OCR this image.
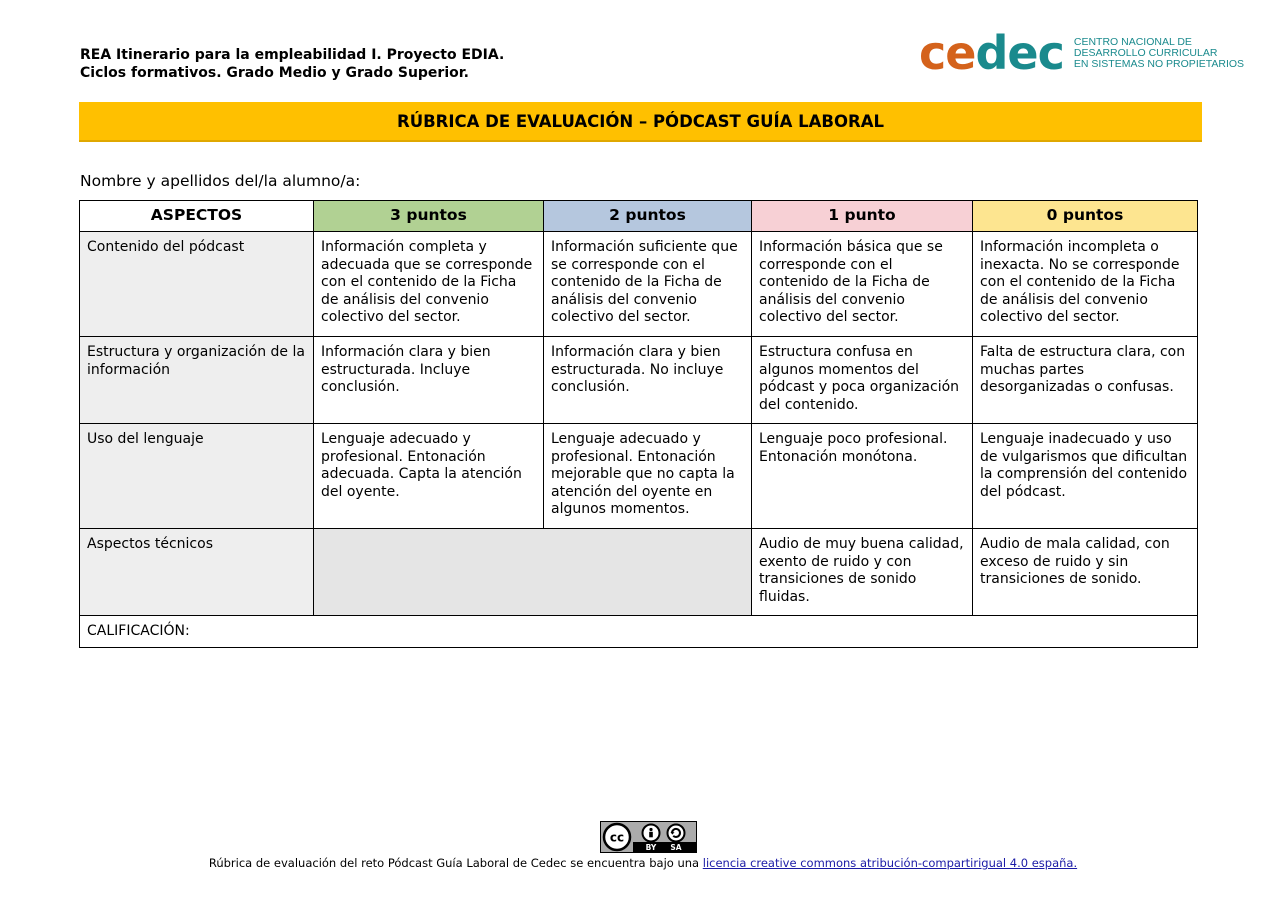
REA Itinerario para la empleabilidad I. Proyecto EDIA.
Ciclos formativos. Grado Medio y Grado Superior.	cedec CENTRO NACIONAL DE
DESARROLLO CURRICULAR
EN SISTEMAS NO PROPIETARIOS
RÚBRICA DE EVALUACIÓN – PÓDCAST GUÍA LABORAL
Nombre y apellidos del/la alumno/a:
ASPECTOS	3 puntos	2 puntos	1 punto	0 puntos
Contenido del pódcast	Información completa y adecuada que se corresponde con el contenido de la Ficha de análisis del convenio colectivo del sector.	Información suficiente que se corresponde con el contenido de la Ficha de análisis del convenio colectivo del sector.	Información básica que se corresponde con el contenido de la Ficha de análisis del convenio colectivo del sector.	Información incompleta o inexacta. No se corresponde con el contenido de la Ficha de análisis del convenio colectivo del sector.
Estructura y organización de la información	Información clara y bien estructurada. Incluye conclusión.	Información clara y bien estructurada. No incluye conclusión.	Estructura confusa en algunos momentos del pódcast y poca organización del contenido.	Falta de estructura clara, con muchas partes desorganizadas o confusas.
Uso del lenguaje	Lenguaje adecuado y profesional. Entonación adecuada. Capta la atención del oyente.	Lenguaje adecuado y profesional. Entonación mejorable que no capta la atención del oyente en algunos momentos.	Lenguaje poco profesional. Entonación monótona.	Lenguaje inadecuado y uso de vulgarismos que dificultan la comprensión del contenido del pódcast.
Aspectos técnicos			Audio de muy buena calidad, exento de ruido y con transiciones de sonido fluidas.	Audio de mala calidad, con exceso de ruido y sin transiciones de sonido.
CALIFICACIÓN:				
cc
BY SA
Rúbrica de evaluación del reto Pódcast Guía Laboral de Cedec se encuentra bajo una licencia creative commons atribución-compartirigual 4.0 españa.
